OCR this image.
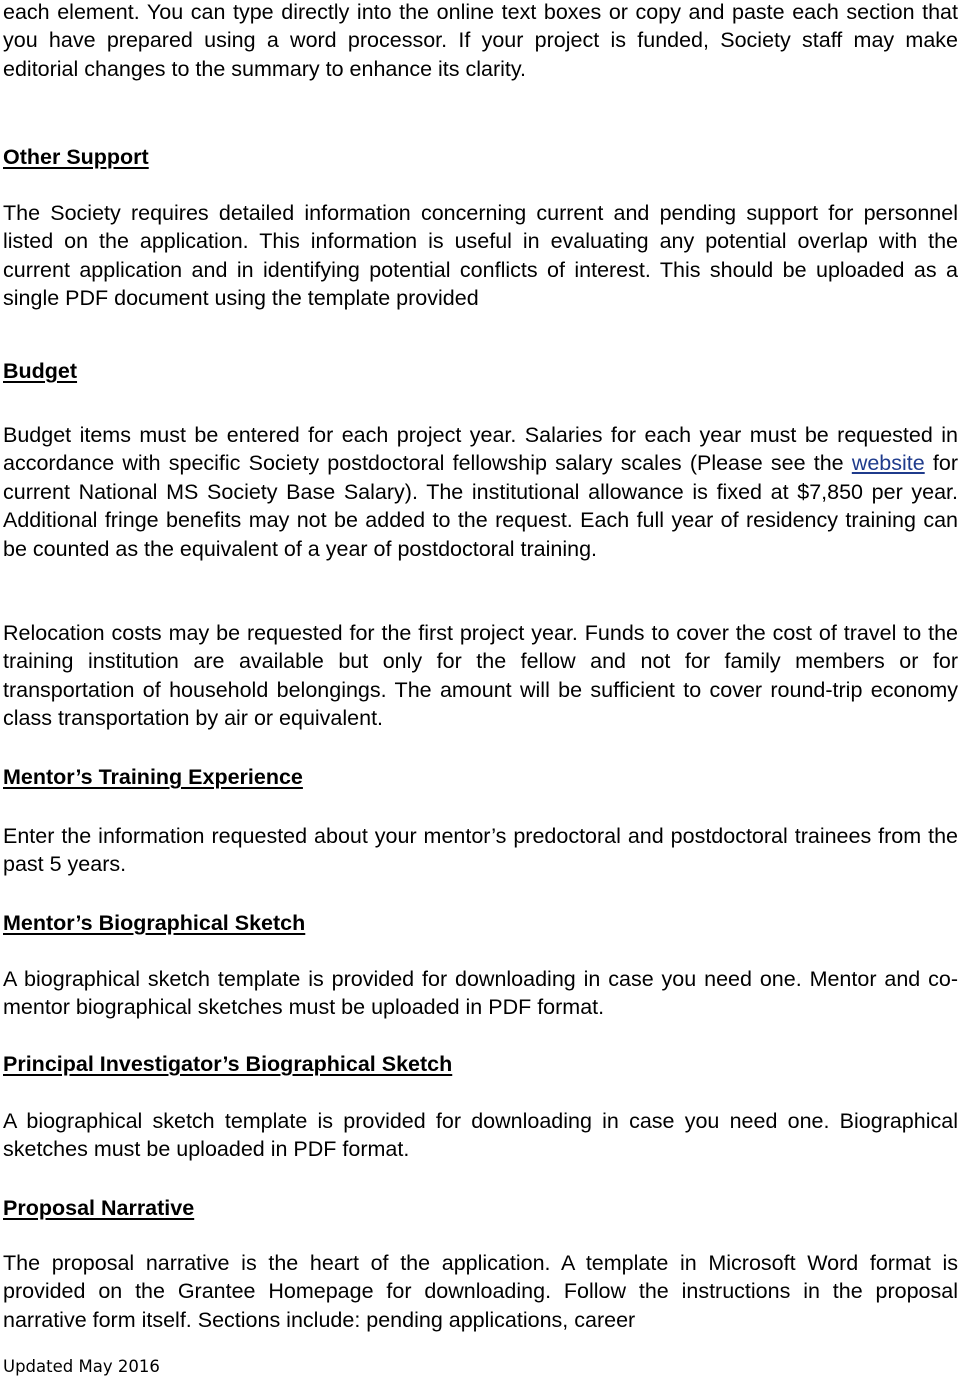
each element. You can type directly into the online text boxes or copy and paste each section that you have prepared using a word processor. If your project is funded, Society staff may make editorial changes to the summary to enhance its clarity.

Other Support

The Society requires detailed information concerning current and pending support for personnel listed on the application. This information is useful in evaluating any potential overlap with the current application and in identifying potential conflicts of interest. This should be uploaded as a single PDF document using the template provided

Budget

Budget items must be entered for each project year. Salaries for each year must be requested in accordance with specific Society postdoctoral fellowship salary scales (Please see the website for current National MS Society Base Salary). The institutional allowance is fixed at $7,850 per year. Additional fringe benefits may not be added to the request. Each full year of residency training can be counted as the equivalent of a year of postdoctoral training.

Relocation costs may be requested for the first project year. Funds to cover the cost of travel to the training institution are available but only for the fellow and not for family members or for transportation of household belongings. The amount will be sufficient to cover round-trip economy class transportation by air or equivalent.

Mentor’s Training Experience

Enter the information requested about your mentor’s predoctoral and postdoctoral trainees from the past 5 years.

Mentor’s Biographical Sketch

A biographical sketch template is provided for downloading in case you need one. Mentor and co-mentor biographical sketches must be uploaded in PDF format.

Principal Investigator’s Biographical Sketch

A biographical sketch template is provided for downloading in case you need one. Biographical sketches must be uploaded in PDF format.

Proposal Narrative

The proposal narrative is the heart of the application. A template in Microsoft Word format is provided on the Grantee Homepage for downloading. Follow the instructions in the proposal narrative form itself. Sections include: pending applications, career

Updated May 2016
